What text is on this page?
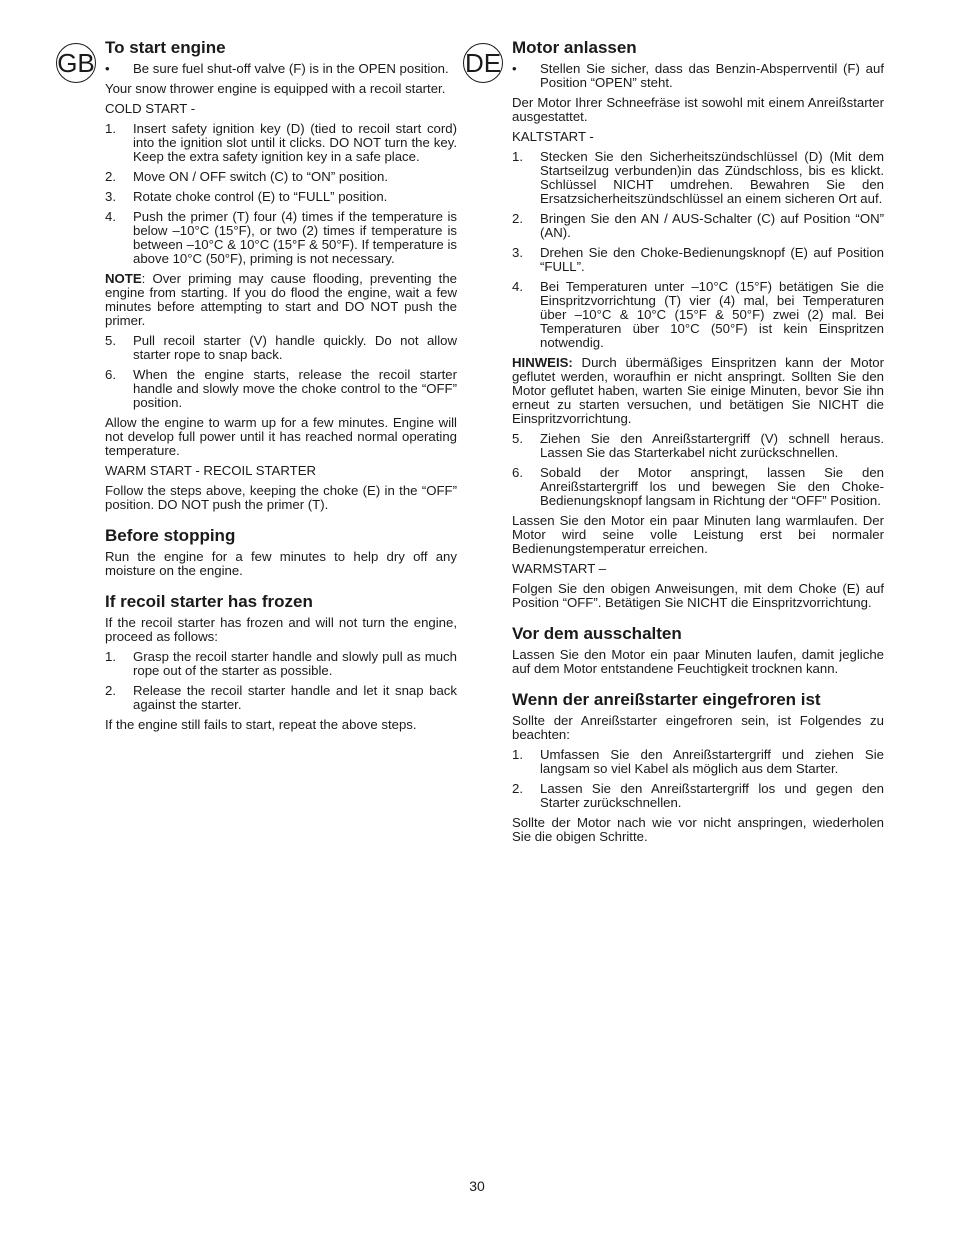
GB	DE
To start engine
• Be sure fuel shut-off valve (F) is in the OPEN position.

Your snow thrower engine is equipped with a recoil starter.

COLD START -

1. Insert safety ignition key (D) (tied to recoil start cord) into the ignition slot until it clicks. DO NOT turn the key. Keep the extra safety ignition key in a safe place.
2. Move ON / OFF switch (C) to “ON” position.
3. Rotate choke control (E) to “FULL” position.
4. Push the primer (T) four (4) times if the temperature is below –10°C (15°F), or two (2) times if temperature is between –10°C & 10°C (15°F & 50°F). If temperature is above 10°C (50°F), priming is not necessary.

NOTE: Over priming may cause flooding, preventing the engine from starting. If you do flood the engine, wait a few minutes before attempting to start and DO NOT push the primer.

5. Pull recoil starter (V) handle quickly. Do not allow starter rope to snap back.
6. When the engine starts, release the recoil starter handle and slowly move the choke control to the “OFF” position.

Allow the engine to warm up for a few minutes. Engine will not develop full power until it has reached normal operating temperature.

WARM START - RECOIL STARTER

Follow the steps above, keeping the choke (E) in the “OFF” position. DO NOT push the primer (T).

Before stopping

Run the engine for a few minutes to help dry off any moisture on the engine.

If recoil starter has frozen

If the recoil starter has frozen and will not turn the engine, proceed as follows:

1. Grasp the recoil starter handle and slowly pull as much rope out of the starter as possible.
2. Release the recoil starter handle and let it snap back against the starter.

If the engine still fails to start, repeat the above steps.

Motor anlassen
• Stellen Sie sicher, dass das Benzin-Absperrventil (F) auf Position “OPEN” steht.

Der Motor Ihrer Schneefräse ist sowohl mit einem Anreißstarter ausgestattet.

KALTSTART -

1. Stecken Sie den Sicherheitszündschlüssel (D) (Mit dem Startseilzug verbunden)in das Zündschloss, bis es klickt. Schlüssel NICHT umdrehen. Bewahren Sie den Ersatzsicherheitszündschlüssel an einem sicheren Ort auf.
2. Bringen Sie den AN / AUS-Schalter (C) auf Position “ON” (AN).
3. Drehen Sie den Choke-Bedienungsknopf (E) auf Position “FULL”.
4. Bei Temperaturen unter –10°C (15°F) betätigen Sie die Einspritzvorrichtung (T) vier (4) mal, bei Temperaturen über –10°C & 10°C (15°F & 50°F) zwei (2) mal. Bei Temperaturen über 10°C (50°F) ist kein Einspritzen notwendig.

HINWEIS: Durch übermäßiges Einspritzen kann der Motor geflutet werden, woraufhin er nicht anspringt. Sollten Sie den Motor geflutet haben, warten Sie einige Minuten, bevor Sie ihn erneut zu starten versuchen, und betätigen Sie NICHT die Einspritzvorrichtung.

5. Ziehen Sie den Anreißstartergriff (V) schnell heraus. Lassen Sie das Starterkabel nicht zurückschnellen.
6. Sobald der Motor anspringt, lassen Sie den Anreißstartergriff los und bewegen Sie den Choke-Bedienungsknopf langsam in Richtung der “OFF” Position.

Lassen Sie den Motor ein paar Minuten lang warmlaufen. Der Motor wird seine volle Leistung erst bei normaler Bedienungstemperatur erreichen.

WARMSTART –

Folgen Sie den obigen Anweisungen, mit dem Choke (E) auf Position “OFF”. Betätigen Sie NICHT die Einspritzvorrichtung.

Vor dem ausschalten

Lassen Sie den Motor ein paar Minuten laufen, damit jegliche auf dem Motor entstandene Feuchtigkeit trocknen kann.

Wenn der anreißstarter eingefroren ist

Sollte der Anreißstarter eingefroren sein, ist Folgendes zu beachten:

1. Umfassen Sie den Anreißstartergriff und ziehen Sie langsam so viel Kabel als möglich aus dem Starter.
2. Lassen Sie den Anreißstartergriff los und gegen den Starter zurückschnellen.

Sollte der Motor nach wie vor nicht anspringen, wiederholen Sie die obigen Schritte.

30
